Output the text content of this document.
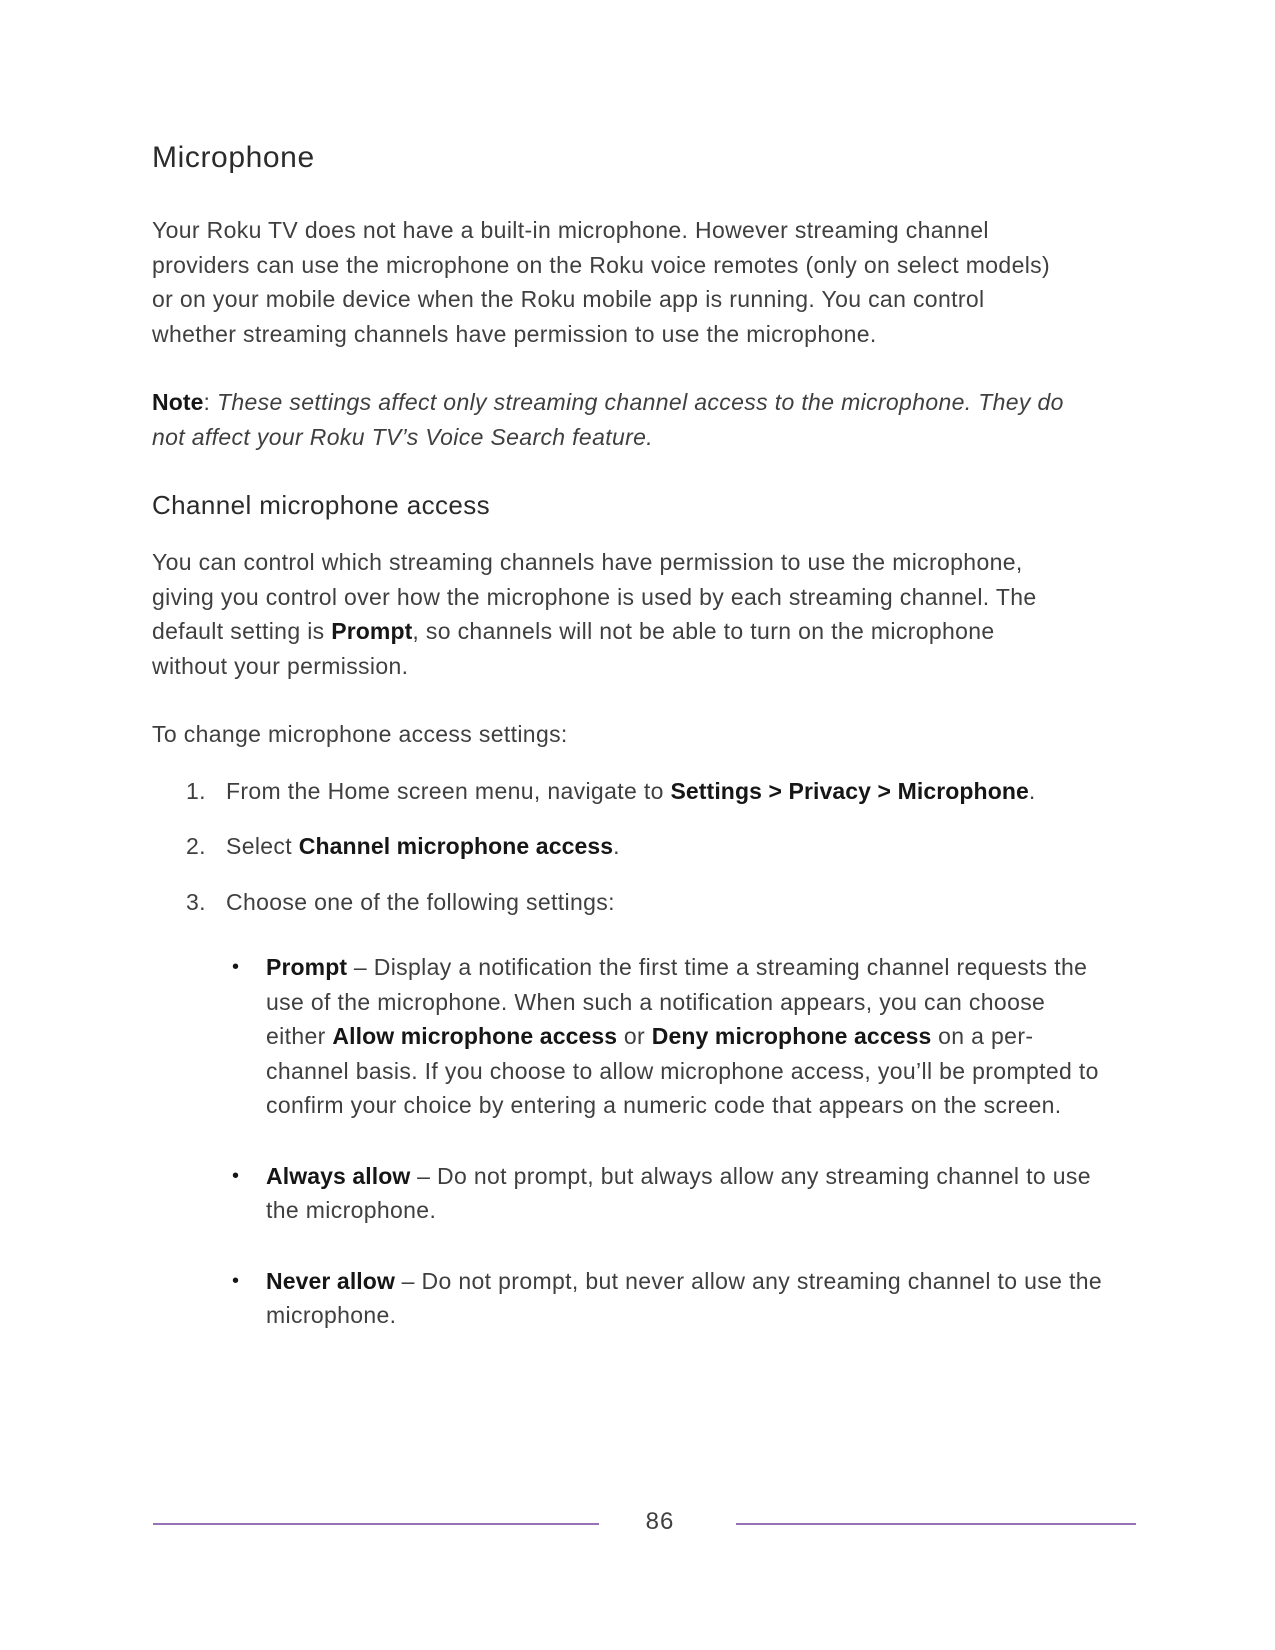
Microphone

Your Roku TV does not have a built-in microphone. However streaming channel providers can use the microphone on the Roku voice remotes (only on select models) or on your mobile device when the Roku mobile app is running. You can control whether streaming channels have permission to use the microphone.

Note: These settings affect only streaming channel access to the microphone. They do not affect your Roku TV’s Voice Search feature.

Channel microphone access

You can control which streaming channels have permission to use the microphone, giving you control over how the microphone is used by each streaming channel. The default setting is Prompt, so channels will not be able to turn on the microphone without your permission.

To change microphone access settings:

1. From the Home screen menu, navigate to Settings > Privacy > Microphone.
2. Select Channel microphone access.
3. Choose one of the following settings:
•	Prompt – Display a notification the first time a streaming channel requests the use of the microphone. When such a notification appears, you can choose either Allow microphone access or Deny microphone access on a per-channel basis. If you choose to allow microphone access, you’ll be prompted to confirm your choice by entering a numeric code that appears on the screen.
•	Always allow – Do not prompt, but always allow any streaming channel to use the microphone.
•	Never allow – Do not prompt, but never allow any streaming channel to use the microphone.
86
